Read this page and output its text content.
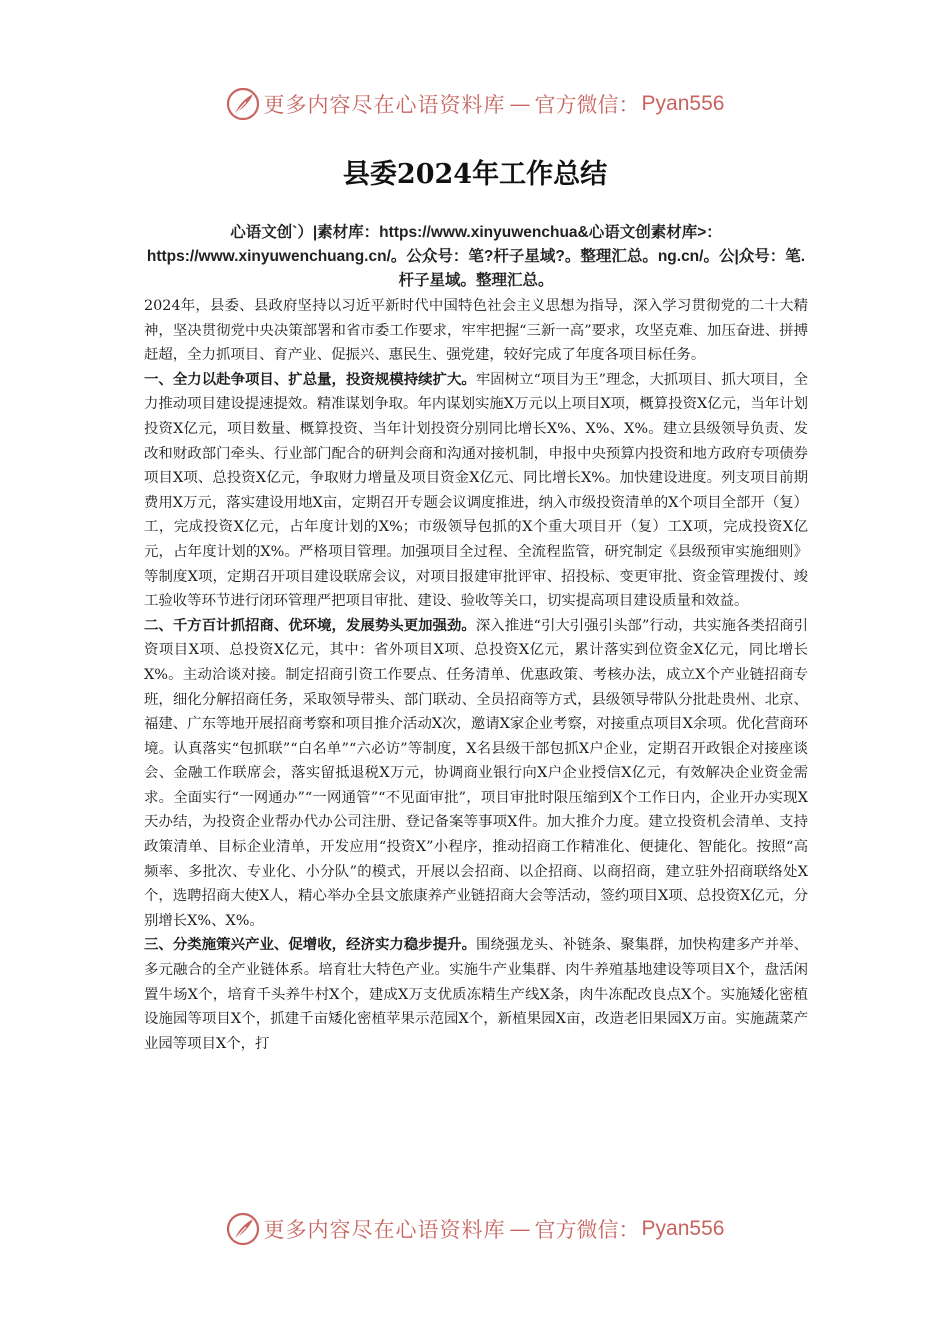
更多内容尽在心语资料库 — 官方微信： Pyan556
县委2024年工作总结

心语文创`）|素材库：https://www.xinyuwenchua&心语文创素材库>：https://www.xinyuwenchuang.cn/。公众号：笔?杆子星域?。整理汇总。ng.cn/。公|众号：笔.杆子星域。整理汇总。

2024年，县委、县政府坚持以习近平新时代中国特色社会主义思想为指导，深入学习贯彻党的二十大精神，坚决贯彻党中央决策部署和省市委工作要求，牢牢把握“三新一高”要求，攻坚克难、加压奋进、拼搏赶超，全力抓项目、育产业、促振兴、惠民生、强党建，较好完成了年度各项目标任务。

一、全力以赴争项目、扩总量，投资规模持续扩大。牢固树立“项目为王”理念，大抓项目、抓大项目，全力推动项目建设提速提效。精准谋划争取。年内谋划实施X万元以上项目X项，概算投资X亿元，当年计划投资X亿元，项目数量、概算投资、当年计划投资分别同比增长X%、X%、X%。建立县级领导负责、发改和财政部门牵头、行业部门配合的研判会商和沟通对接机制，申报中央预算内投资和地方政府专项债券项目X项、总投资X亿元，争取财力增量及项目资金X亿元、同比增长X%。加快建设进度。列支项目前期费用X万元，落实建设用地X亩，定期召开专题会议调度推进，纳入市级投资清单的X个项目全部开（复）工，完成投资X亿元，占年度计划的X%；市级领导包抓的X个重大项目开（复）工X项，完成投资X亿元，占年度计划的X%。严格项目管理。加强项目全过程、全流程监管，研究制定《县级预审实施细则》等制度X项，定期召开项目建设联席会议，对项目报建审批评审、招投标、变更审批、资金管理拨付、竣工验收等环节进行闭环管理严把项目审批、建设、验收等关口，切实提高项目建设质量和效益。

二、千方百计抓招商、优环境，发展势头更加强劲。深入推进“引大引强引头部”行动，共实施各类招商引资项目X项、总投资X亿元，其中：省外项目X项、总投资X亿元，累计落实到位资金X亿元，同比增长X%。主动洽谈对接。制定招商引资工作要点、任务清单、优惠政策、考核办法，成立X个产业链招商专班，细化分解招商任务，采取领导带头、部门联动、全员招商等方式，县级领导带队分批赴贵州、北京、福建、广东等地开展招商考察和项目推介活动X次，邀请X家企业考察，对接重点项目X余项。优化营商环境。认真落实“包抓联”“白名单”“六必访”等制度，X名县级干部包抓X户企业，定期召开政银企对接座谈会、金融工作联席会，落实留抵退税X万元，协调商业银行向X户企业授信X亿元，有效解决企业资金需求。全面实行“一网通办”“一网通管”“不见面审批”，项目审批时限压缩到X个工作日内，企业开办实现X天办结，为投资企业帮办代办公司注册、登记备案等事项X件。加大推介力度。建立投资机会清单、支持政策清单、目标企业清单，开发应用“投资X”小程序，推动招商工作精准化、便捷化、智能化。按照“高频率、多批次、专业化、小分队”的模式，开展以会招商、以企招商、以商招商，建立驻外招商联络处X个，选聘招商大使X人，精心举办全县文旅康养产业链招商大会等活动，签约项目X项、总投资X亿元，分别增长X%、X%。

三、分类施策兴产业、促增收，经济实力稳步提升。围绕强龙头、补链条、聚集群，加快构建多产并举、多元融合的全产业链体系。培育壮大特色产业。实施牛产业集群、肉牛养殖基地建设等项目X个，盘活闲置牛场X个，培育千头养牛村X个，建成X万支优质冻精生产线X条，肉牛冻配改良点X个。实施矮化密植设施园等项目X个，抓建千亩矮化密植苹果示范园X个，新植果园X亩，改造老旧果园X万亩。实施蔬菜产业园等项目X个，打

更多内容尽在心语资料库 — 官方微信： Pyan556
